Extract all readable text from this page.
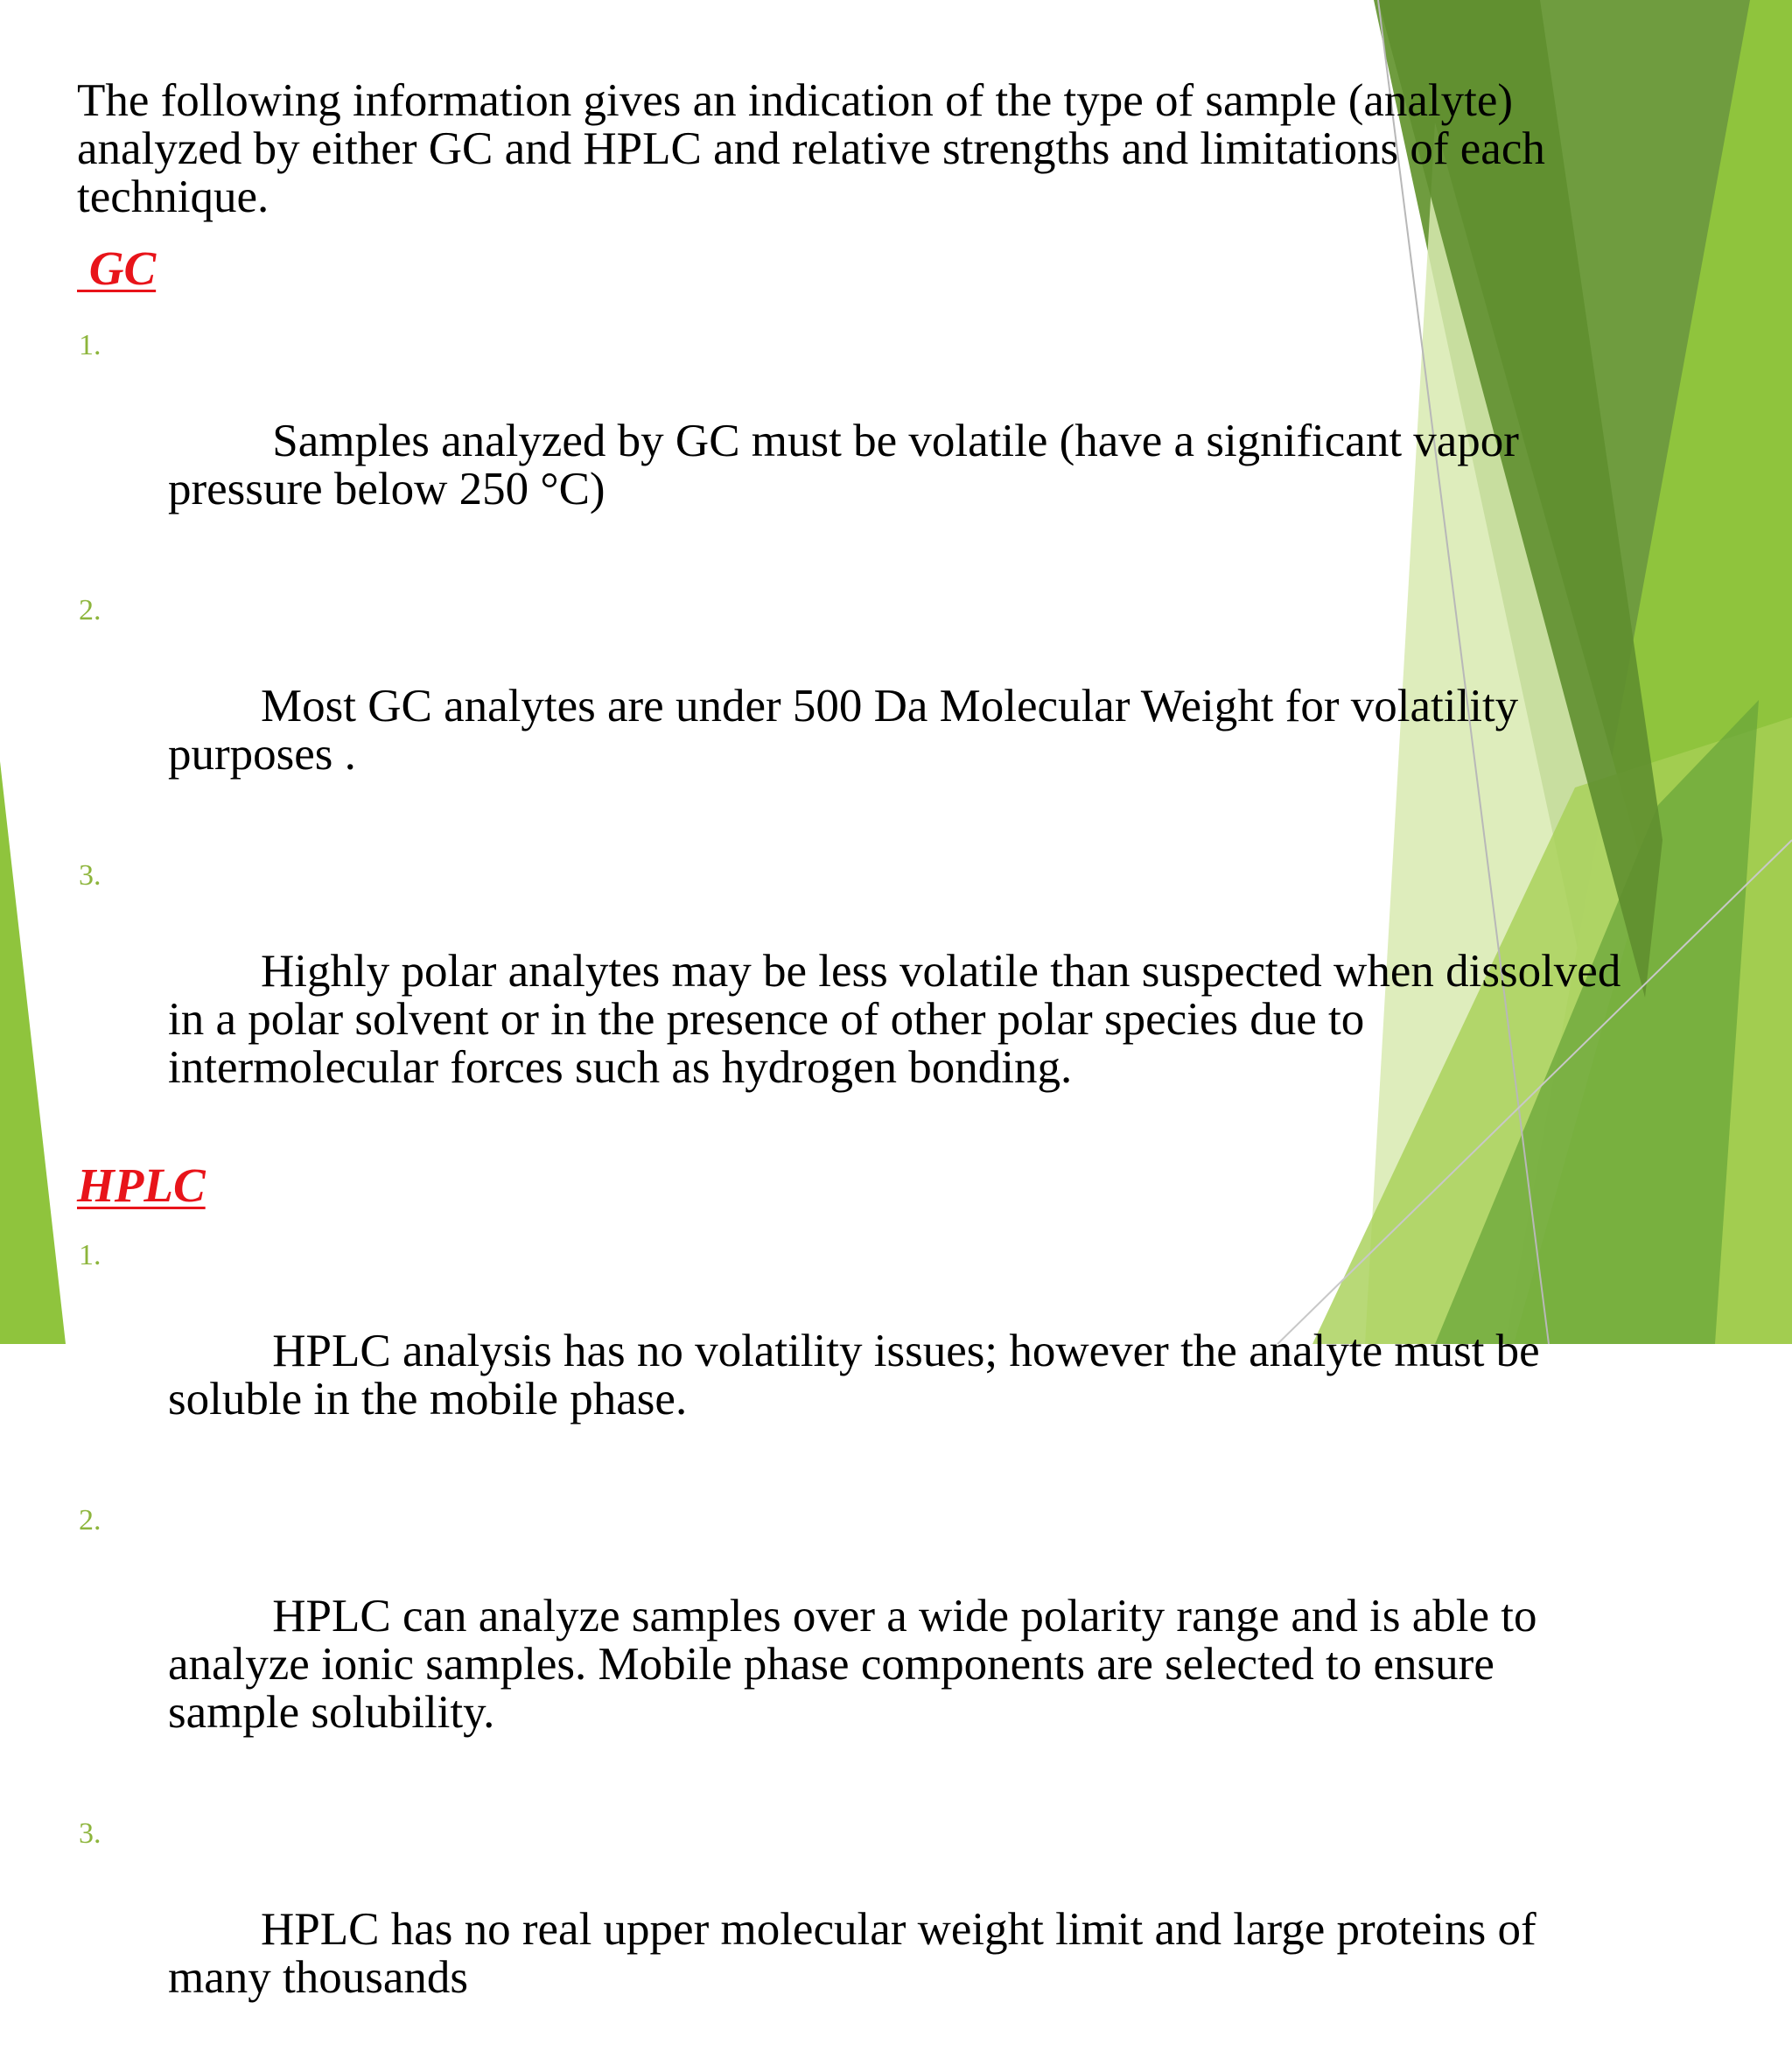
The following information gives an indication of the type of sample (analyte) analyzed by either GC and HPLC and relative strengths and limitations of each technique.

GC

1.

Samples analyzed by GC must be volatile (have a significant vapor pressure below 250 °C)

2.

Most GC analytes are under 500 Da Molecular Weight for volatility purposes .

3.

Highly polar analytes may be less volatile than suspected when dissolved in a polar solvent or in the presence of other polar species due to intermolecular forces such as hydrogen bonding.

HPLC

1.

HPLC analysis has no volatility issues; however the analyte must be soluble in the mobile phase.

2.

HPLC can analyze samples over a wide polarity range and is able to analyze ionic samples. Mobile phase components are selected to ensure sample solubility.

3.

HPLC has no real upper molecular weight limit and large proteins of many thousands
